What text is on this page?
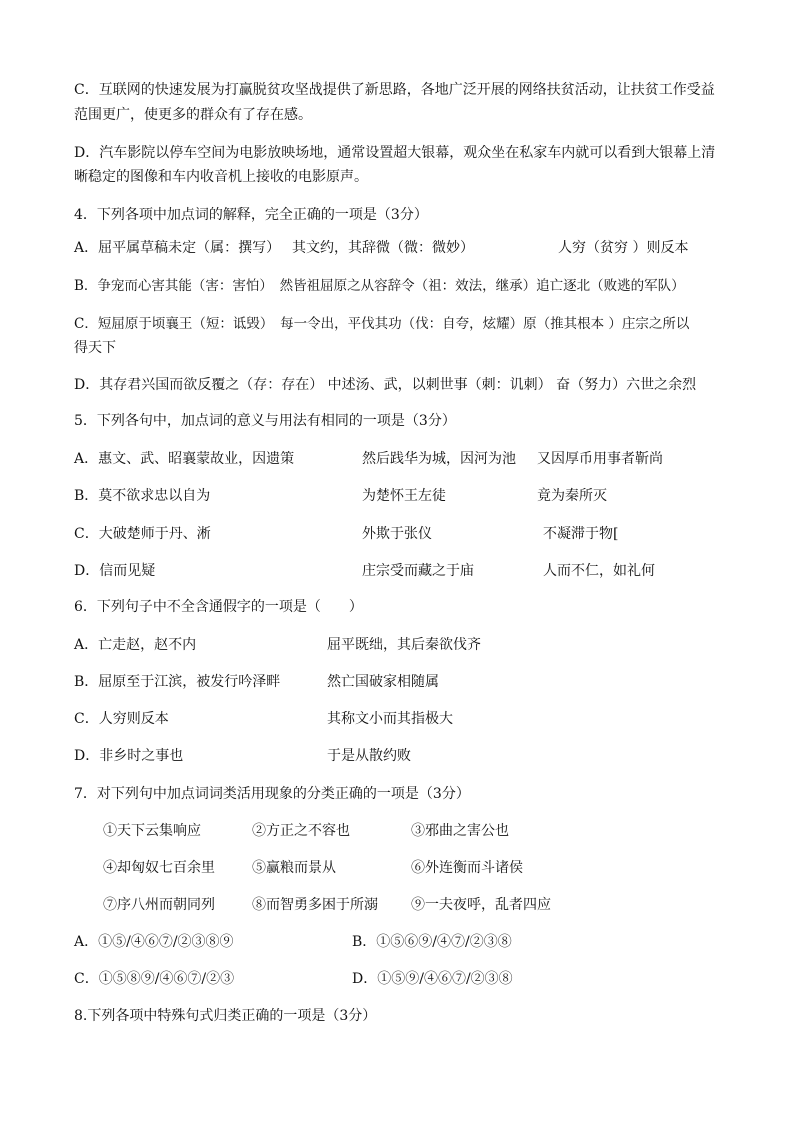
C．互联网的快速发展为打赢脱贫攻坚战提供了新思路，各地广泛开展的网络扶贫活动，让扶贫工作受益
范围更广，使更多的群众有了存在感。
D．汽车影院以停车空间为电影放映场地，通常设置超大银幕，观众坐在私家车内就可以看到大银幕上清
晰稳定的图像和车内收音机上接收的电影原声。
4．下列各项中加点词的解释，完全正确的一项是（3分）
A．屈平属草稿未定（属：撰写） 其文约，其辞微（微：微妙）	人穷（贫穷 ）则反本
B．争宠而心害其能（害：害怕）　然皆祖屈原之从容辞令（祖：效法，继承）追亡逐北（败逃的军队）
C．短屈原于顷襄王（短：诋毁）　每一令出，平伐其功（伐：自夸，炫耀）原（推其根本 ）庄宗之所以
得天下
D．其存君兴国而欲反覆之（存：存在） 中述汤、武，以刺世事（刺：讥刺） 奋（努力）六世之余烈
5．下列各句中，加点词的意义与用法有相同的一项是（3分）
A．惠文、武、昭襄蒙故业，因遗策	然后践华为城，因河为池 又因厚币用事者靳尚
B．莫不欲求忠以自为	为楚怀王左徒	竟为秦所灭
C．大破楚师于丹、淅	外欺于张仪	不凝滞于物[
D．信而见疑	庄宗受而藏之于庙	人而不仁，如礼何
6．下列句子中不全含通假字的一项是（　　）
A．亡走赵，赵不内	屈平既绌，其后秦欲伐齐
B．屈原至于江滨，被发行吟泽畔	然亡国破家相随属
C．人穷则反本	其称文小而其指极大
D．非乡时之事也	于是从散约败
7．对下列句中加点词词类活用现象的分类正确的一项是（3分）
①天下云集响应	②方正之不容也	③邪曲之害公也
④却匈奴七百余里	⑤赢粮而景从	⑥外连衡而斗诸侯
⑦序八州而朝同列	⑧而智勇多困于所溺 ⑨一夫夜呼，乱者四应
A．①⑤/④⑥⑦/②③⑧⑨	B．①⑤⑥⑨/④⑦/②③⑧
C．①⑤⑧⑨/④⑥⑦/②③	D．①⑤⑨/④⑥⑦/②③⑧
8.下列各项中特殊句式归类正确的一项是（3分）
